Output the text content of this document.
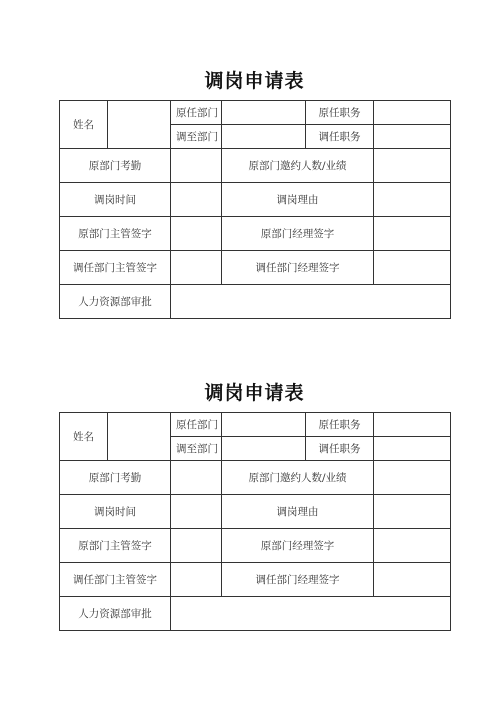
调岗申请表
姓名		原任部门		原任职务	
		调至部门		调任职务	
原部门考勤			原部门邀约人数/业绩		
调岗时间			调岗理由		
原部门主管签字			原部门经理签字		
调任部门主管签字			调任部门经理签字		
人力资源部审批					
调岗申请表
姓名		原任部门		原任职务	
		调至部门		调任职务	
原部门考勤			原部门邀约人数/业绩		
调岗时间			调岗理由		
原部门主管签字			原部门经理签字		
调任部门主管签字			调任部门经理签字		
人力资源部审批					
